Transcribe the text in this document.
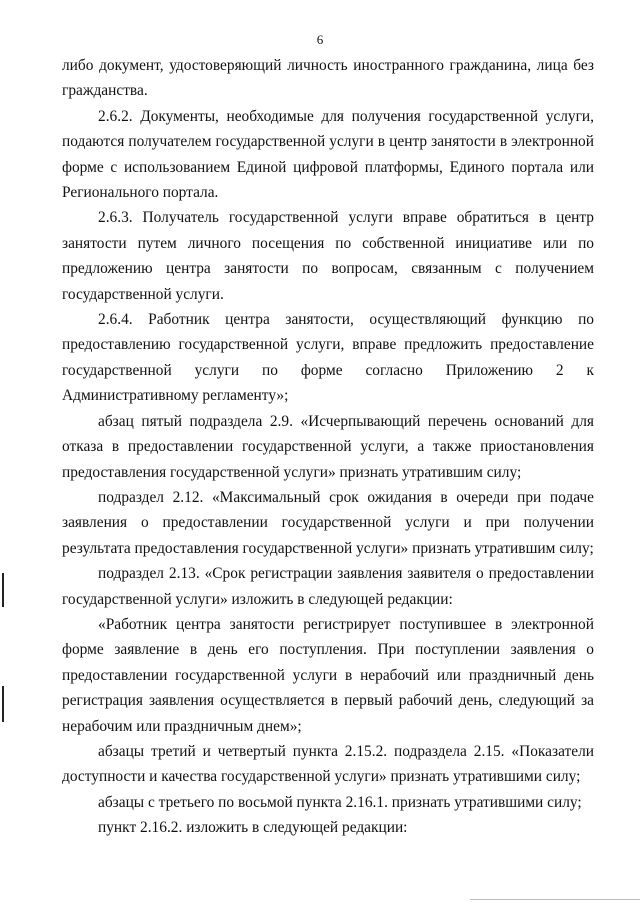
6

либо документ, удостоверяющий личность иностранного гражданина, лица без гражданства.

2.6.2. Документы, необходимые для получения государственной услуги, подаются получателем государственной услуги в центр занятости в электронной форме с использованием Единой цифровой платформы, Единого портала или Регионального портала.

2.6.3. Получатель государственной услуги вправе обратиться в центр занятости путем личного посещения по собственной инициативе или по предложению центра занятости по вопросам, связанным с получением государственной услуги.

2.6.4. Работник центра занятости, осуществляющий функцию по предоставлению государственной услуги, вправе предложить предоставление государственной услуги по форме согласно Приложению 2 к Административному регламенту»;

абзац пятый подраздела 2.9. «Исчерпывающий перечень оснований для отказа в предоставлении государственной услуги, а также приостановления предоставления государственной услуги» признать утратившим силу;

подраздел 2.12. «Максимальный срок ожидания в очереди при подаче заявления о предоставлении государственной услуги и при получении результата предоставления государственной услуги» признать утратившим силу;

подраздел 2.13. «Срок регистрации заявления заявителя о предоставлении государственной услуги» изложить в следующей редакции:

«Работник центра занятости регистрирует поступившее в электронной форме заявление в день его поступления. При поступлении заявления о предоставлении государственной услуги в нерабочий или праздничный день регистрация заявления осуществляется в первый рабочий день, следующий за нерабочим или праздничным днем»;

абзацы третий и четвертый пункта 2.15.2. подраздела 2.15. «Показатели доступности и качества государственной услуги» признать утратившими силу;

абзацы с третьего по восьмой пункта 2.16.1. признать утратившими силу;

пункт 2.16.2. изложить в следующей редакции:
